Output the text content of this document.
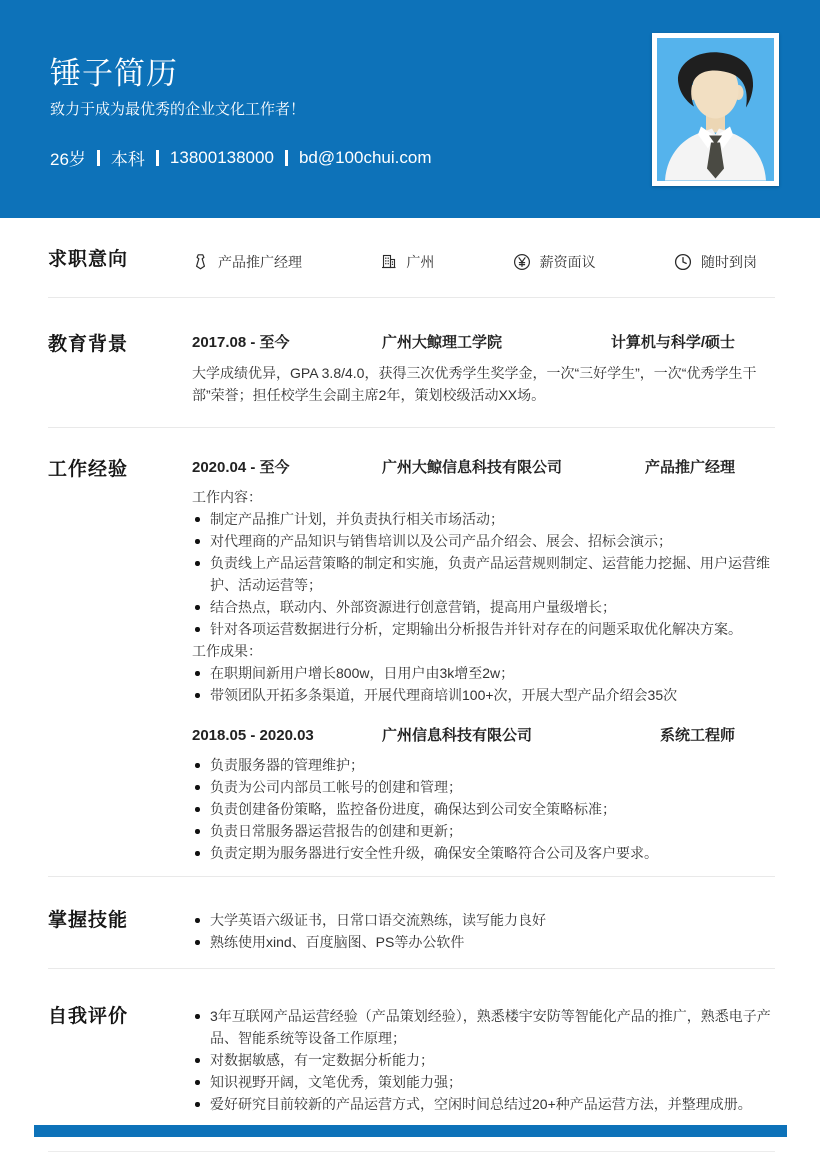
锤子简历

致力于成为最优秀的企业文化工作者！

26岁 本科 13800138000 bd@100chui.com
求职意向	产品推广经理	广州	薪资面议	随时到岗
教育背景	2017.08 - 至今	广州大鲸理工学院	计算机与科学/硕士

大学成绩优异，GPA 3.8/4.0，获得三次优秀学生奖学金，一次“三好学生”，一次“优秀学生干部”荣誉；担任校学生会副主席2年，策划校级活动XX场。

工作经验	2020.04 - 至今	广州大鲸信息科技有限公司	产品推广经理
工作内容：
制定产品推广计划，并负责执行相关市场活动；
对代理商的产品知识与销售培训以及公司产品介绍会、展会、招标会演示；
负责线上产品运营策略的制定和实施，负责产品运营规则制定、运营能力挖掘、用户运营维护、活动运营等；
结合热点，联动内、外部资源进行创意营销，提高用户量级增长；
针对各项运营数据进行分析，定期输出分析报告并针对存在的问题采取优化解决方案。
工作成果：
在职期间新用户增长800w，日用户由3k增至2w；
带领团队开拓多条渠道，开展代理商培训100+次，开展大型产品介绍会35次
2018.05 - 2020.03	广州信息科技有限公司	系统工程师
负责服务器的管理维护；
负责为公司内部员工帐号的创建和管理；
负责创建备份策略，监控备份进度，确保达到公司安全策略标准；
负责日常服务器运营报告的创建和更新；
负责定期为服务器进行安全性升级，确保安全策略符合公司及客户要求。
掌握技能	大学英语六级证书，日常口语交流熟练，读写能力良好
熟练使用xind、百度脑图、PS等办公软件
自我评价	3年互联网产品运营经验（产品策划经验），熟悉楼宇安防等智能化产品的推广，熟悉电子产品、智能系统等设备工作原理；
对数据敏感，有一定数据分析能力；
知识视野开阔，文笔优秀，策划能力强；
爱好研究目前较新的产品运营方式，空闲时间总结过20+种产品运营方法，并整理成册。
